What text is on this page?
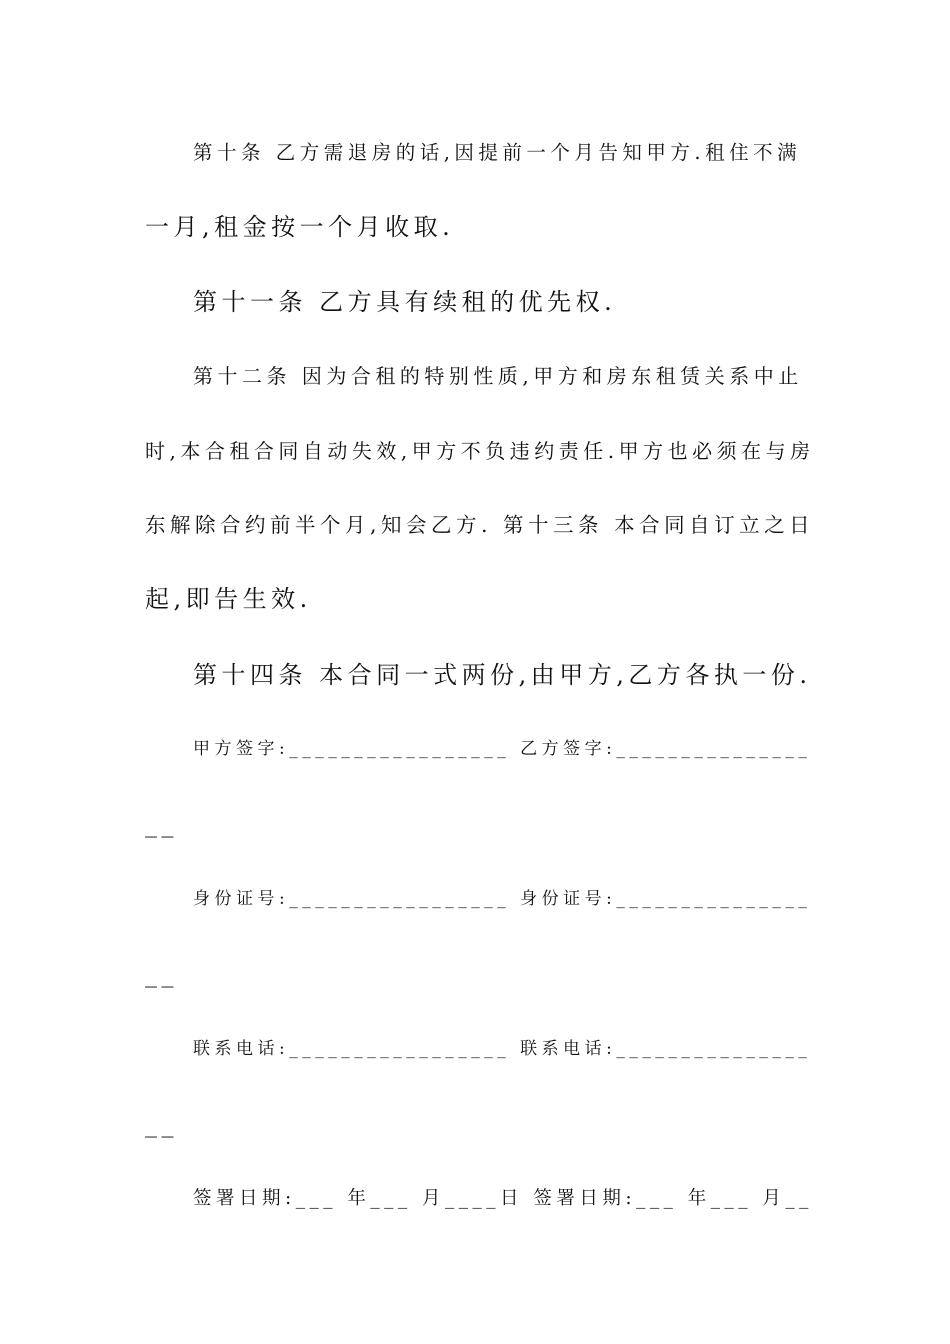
第十条 乙方需退房的话,因提前一个月告知甲方.租住不满
一月,租金按一个月收取.
第十一条 乙方具有续租的优先权.
第十二条 因为合租的特别性质,甲方和房东租赁关系中止
时,本合租合同自动失效,甲方不负违约责任.甲方也必须在与房
东解除合约前半个月,知会乙方. 第十三条 本合同自订立之日
起,即告生效.
第十四条 本合同一式两份,由甲方,乙方各执一份.
甲方签字:_________________ 乙方签字:_______________
__
身份证号:_________________ 身份证号:_______________
__
联系电话:_________________ 联系电话:_______________
__
签署日期:___ 年___ 月____日 签署日期:___ 年___ 月__
